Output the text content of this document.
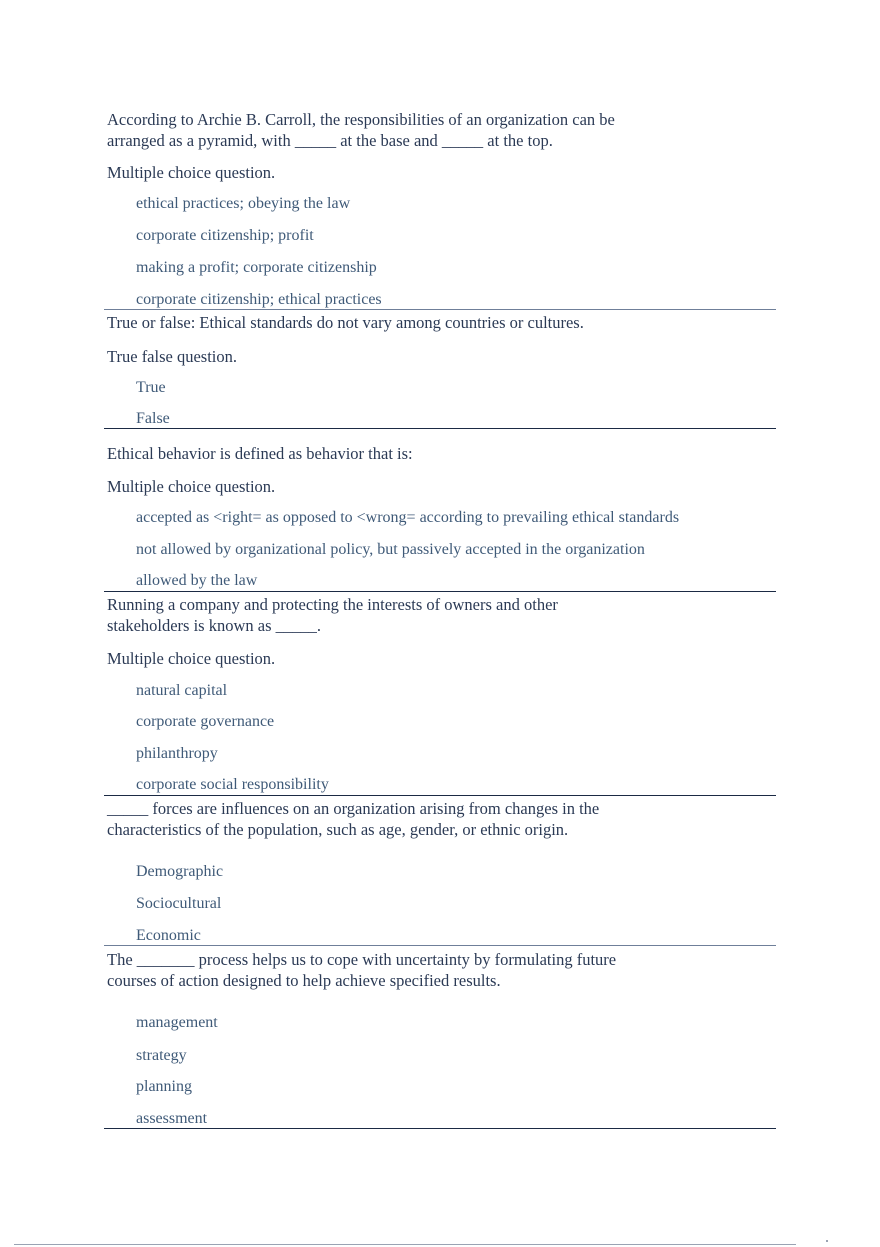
According to Archie B. Carroll, the responsibilities of an organization can be
arranged as a pyramid, with _____ at the base and _____ at the top.
Multiple choice question.
ethical practices; obeying the law
corporate citizenship; profit
making a profit; corporate citizenship
corporate citizenship; ethical practices
True or false: Ethical standards do not vary among countries or cultures.
True false question.
True
False
Ethical behavior is defined as behavior that is:
Multiple choice question.
accepted as <right= as opposed to <wrong= according to prevailing ethical standards
not allowed by organizational policy, but passively accepted in the organization
allowed by the law
Running a company and protecting the interests of owners and other
stakeholders is known as _____.
Multiple choice question.
natural capital
corporate governance
philanthropy
corporate social responsibility
_____ forces are influences on an organization arising from changes in the
characteristics of the population, such as age, gender, or ethnic origin.
Demographic
Sociocultural
Economic
The _______ process helps us to cope with uncertainty by formulating future
courses of action designed to help achieve specified results.
management
strategy
planning
assessment
